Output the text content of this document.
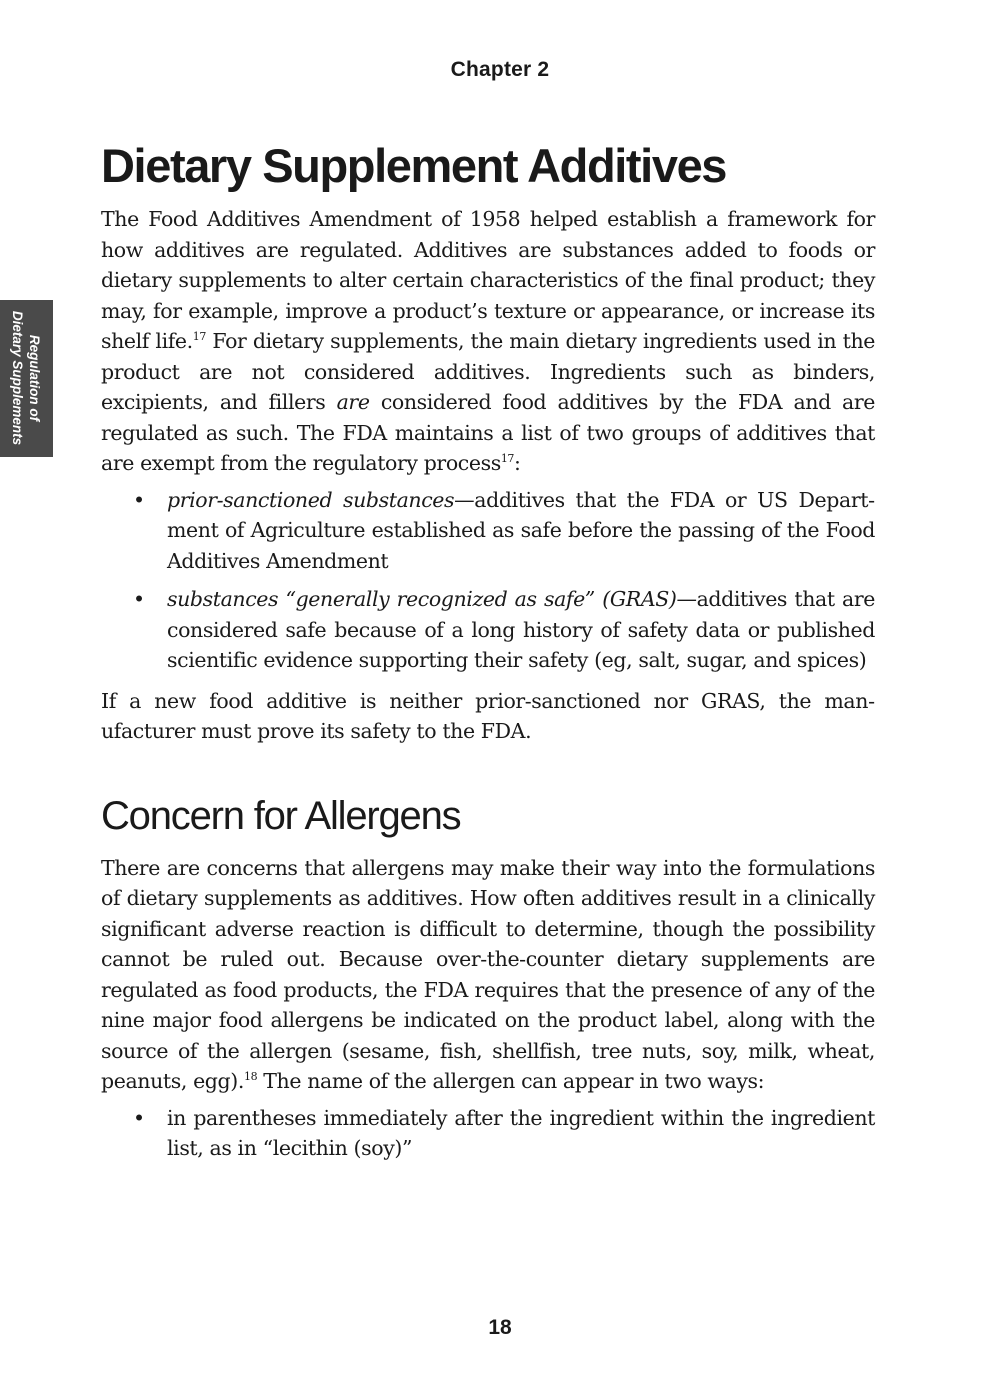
Chapter 2
Regulation of
Dietary Supplements
Dietary Supplement Additives

The Food Additives Amendment of 1958 helped establish a framework for how additives are regulated. Additives are substances added to foods or dietary supplements to alter certain characteristics of the final product; they may, for example, improve a product’s texture or appearance, or increase its shelf life.$^{17}$ For dietary supplements, the main dietary ingredients used in the product are not considered additives. Ingredients such as binders, excipients, and fillers are considered food additives by the FDA and are regulated as such. The FDA maintains a list of two groups of additives that are exempt from the regulatory process$^{17}$:

• prior-sanctioned substances—additives that the FDA or US Department of Agriculture established as safe before the passing of the Food Additives Amendment
• substances “generally recognized as safe” (GRAS)—additives that are considered safe because of a long history of safety data or published scientific evidence supporting their safety (eg, salt, sugar, and spices)

If a new food additive is neither prior-sanctioned nor GRAS, the manufacturer must prove its safety to the FDA.

Concern for Allergens

There are concerns that allergens may make their way into the formulations of dietary supplements as additives. How often additives result in a clinically significant adverse reaction is difficult to determine, though the possibility cannot be ruled out. Because over-the-counter dietary supplements are regulated as food products, the FDA requires that the presence of any of the nine major food allergens be indicated on the product label, along with the source of the allergen (sesame, fish, shellfish, tree nuts, soy, milk, wheat, peanuts, egg).$^{18}$ The name of the allergen can appear in two ways:

• in parentheses immediately after the ingredient within the ingredient list, as in “lecithin (soy)”
18
